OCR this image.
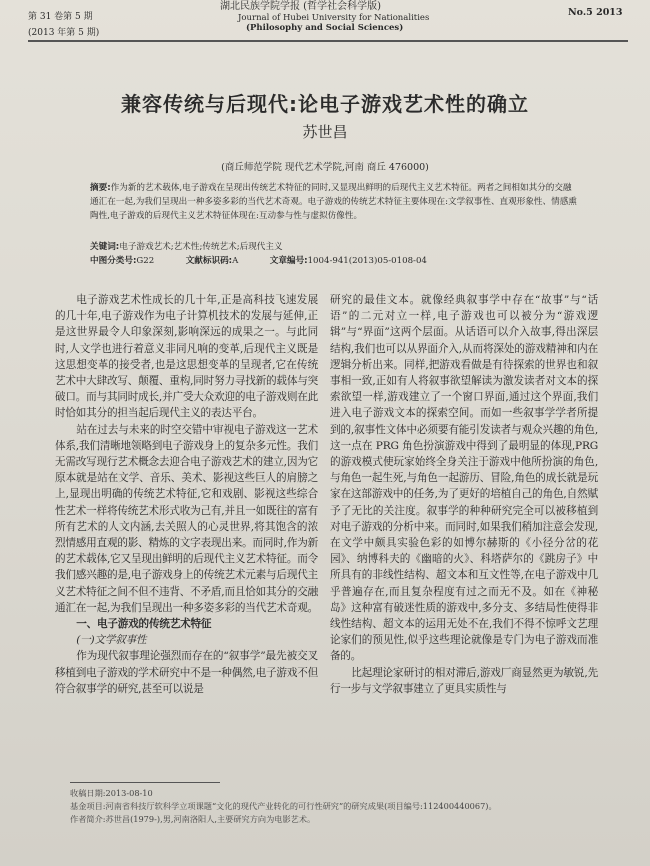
第 31 卷第 5 期
(2013 年第 5 期)
湖北民族学院学报 (哲学社会科学版)
Journal of Hubei University for Nationalities
(Philosophy and Social Sciences)
No.5 2013
兼容传统与后现代:论电子游戏艺术性的确立
苏世昌
(商丘师范学院 现代艺术学院,河南 商丘 476000)
摘要:作为新的艺术载体,电子游戏在呈现出传统艺术特征的同时,又显现出鲜明的后现代主义艺术特征。两者之间相如其分的交融通汇在一起,为我们呈现出一种多姿多彩的当代艺术奇观。电子游戏的传统艺术特征主要体现在:文学叙事性、直观形象性、情感熏陶性,电子游戏的后现代主义艺术特征体现在:互动参与性与虚拟仿像性。
关键词:电子游戏艺术;艺术性;传统艺术;后现代主义
中图分类号:G22	文献标识码:A	文章编号:1004-941(2013)05-0108-04

电子游戏艺术性成长的几十年,正是高科技飞速发展的几十年,电子游戏作为电子计算机技术的发展与延伸,正是这世界最令人印象深刻,影响深远的成果之一。与此同时,人文学也进行着意义非同凡响的变革,后现代主义既是这思想变革的接受者,也是这思想变革的呈现者,它在传统艺术中大肆改写、颠覆、重构,同时努力寻找新的载体与突破口。而与其同时成长,并广受大众欢迎的电子游戏则在此时恰如其分的担当起后现代主义的表达平台。

站在过去与未来的时空交错中审视电子游戏这一艺术体系,我们清晰地领略到电子游戏身上的复杂多元性。我们无需改写现行艺术概念去迎合电子游戏艺术的建立,因为它原本就是站在文学、音乐、美术、影视这些巨人的肩膀之上,显现出明确的传统艺术特征,它和戏剧、影视这些综合性艺术一样将传统艺术形式收为己有,并且一如既往的富有所有艺术的人文内涵,去关照人的心灵世界,将其饱含的浓烈情感用直观的影、精炼的文字表现出来。而同时,作为新的艺术载体,它又呈现出鲜明的后现代主义艺术特征。而令我们感兴趣的是,电子游戏身上的传统艺术元素与后现代主义艺术特征之间不但不违背、不矛盾,而且恰如其分的交融通汇在一起,为我们呈现出一种多姿多彩的当代艺术奇观。

一、电子游戏的传统艺术特征
(一)文学叙事性

作为现代叙事理论强烈而存在的“叙事学”最先被交叉移植到电子游戏的学术研究中不是一种偶然,电子游戏不但符合叙事学的研究,甚至可以说是

研究的最佳文本。就像经典叙事学中存在“故事”与“话语”的二元对立一样,电子游戏也可以被分为“游戏逻辑”与“界面”这两个层面。从话语可以介入故事,得出深层结构,我们也可以从界面介入,从而将深处的游戏精神和内在逻辑分析出来。同样,把游戏看做是有待探索的世界也和叙事相一致,正如有人将叙事欲望解读为激发读者对文本的探索欲望一样,游戏建立了一个窗口界面,通过这个界面,我们进入电子游戏文本的探索空间。而如一些叙事学学者所提到的,叙事性文体中必须要有能引发读者与观众兴趣的角色,这一点在 PRG 角色扮演游戏中得到了最明显的体现,PRG 的游戏模式使玩家始终全身关注于游戏中他所扮演的角色,与角色一起生死,与角色一起游历、冒险,角色的成长就是玩家在这部游戏中的任务,为了更好的培植自己的角色,自然赋予了无比的关注度。叙事学的种种研究完全可以被移植到对电子游戏的分析中来。而同时,如果我们稍加注意会发现,在文学中颇具实验色彩的如博尔赫斯的《小径分岔的花园》、纳博科夫的《幽暗的火》、科塔萨尔的《跳房子》中所具有的非线性结构、超文本和互文性等,在电子游戏中几乎普遍存在,而且复杂程度有过之而无不及。如在《神秘岛》这种富有破迷性质的游戏中,多分支、多结局性使得非线性结构、超文本的运用无处不在,我们不得不惊呼文艺理论家们的预见性,似乎这些理论就像是专门为电子游戏而准备的。

比起理论家研讨的相对滞后,游戏厂商显然更为敏锐,先行一步与文学叙事建立了更具实质性与

收稿日期:2013-08-10
基金项目:河南省科技厅软科学立项课题“文化的现代产业转化的可行性研究”的研究成果(项目编号:112400440067)。
作者简介:苏世昌(1979-),男,河南洛阳人,主要研究方向为电影艺术。
